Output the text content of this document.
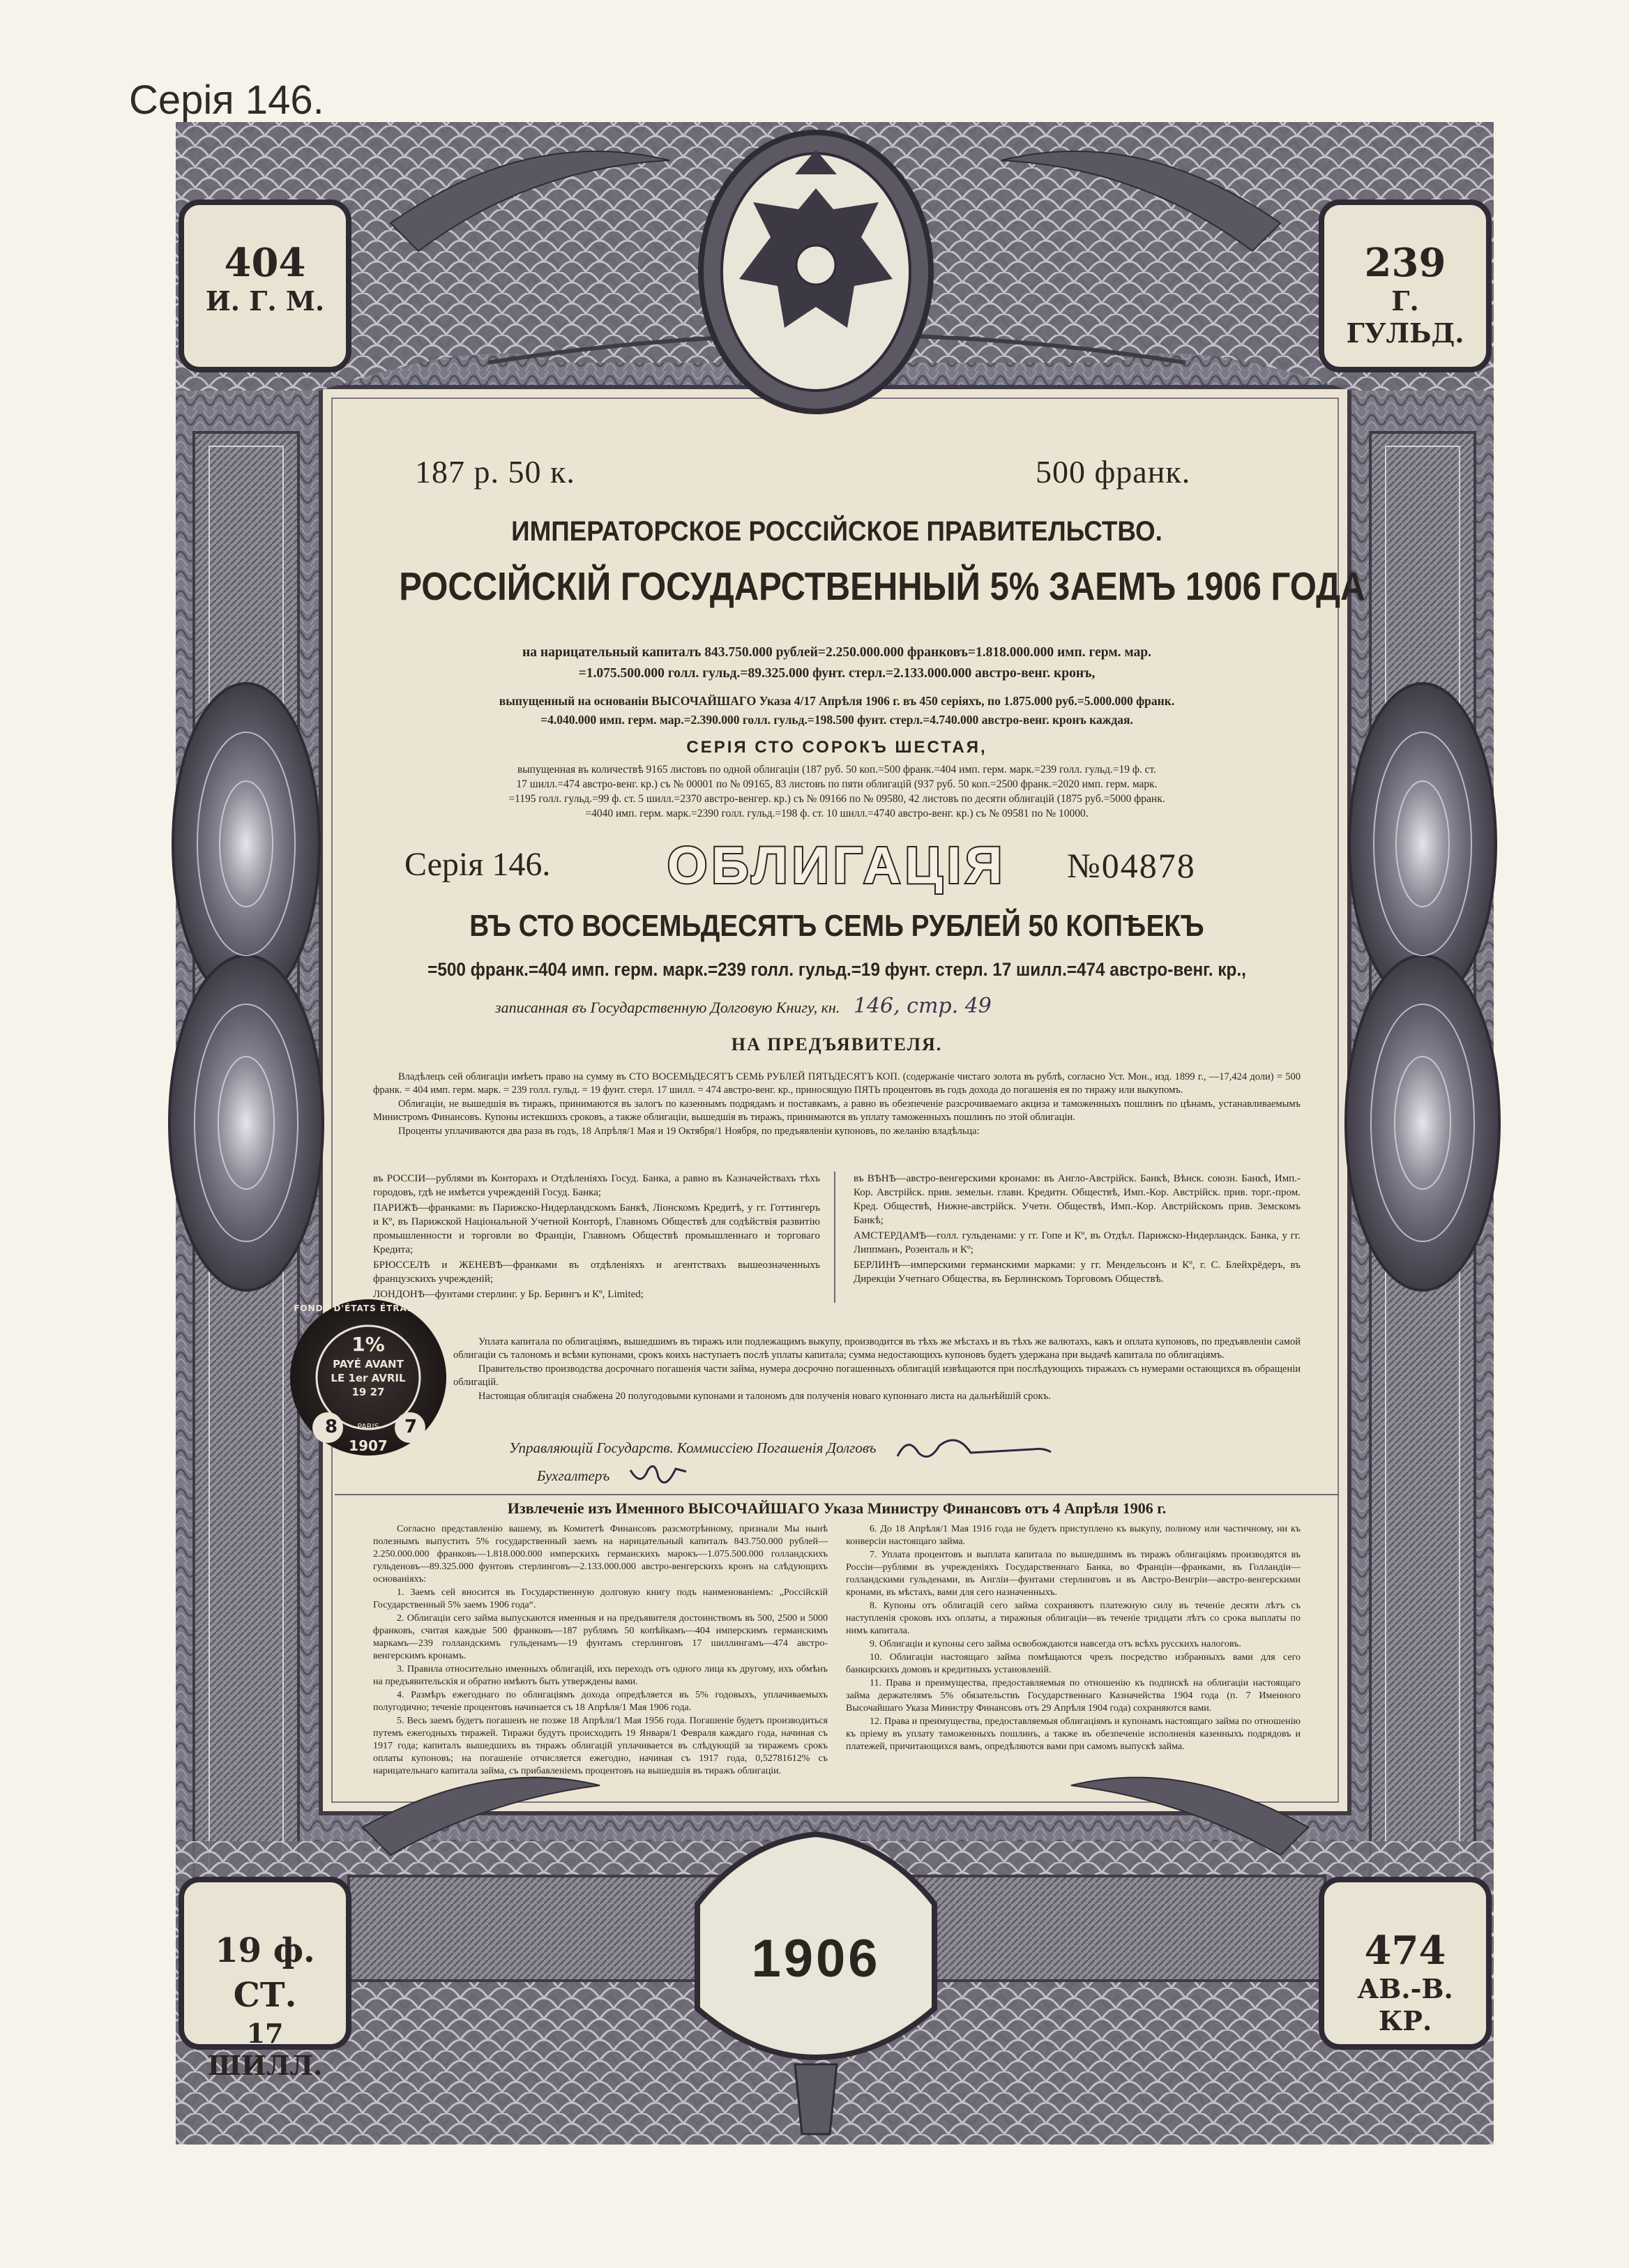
Серія 146.
404
И. Г. М.
239
Г. ГУЛЬД.
19 ф. СТ.
17 ШИЛЛ.
474
АВ.-В. КР.
187 р. 50 к.	500 франк.
ИМПЕРАТОРСКОЕ РОССІЙСКОЕ ПРАВИТЕЛЬСТВО.
РОССІЙСКІЙ ГОСУДАРСТВЕННЫЙ 5% ЗАЕМЪ 1906 ГОДА
на нарицательный капиталъ 843.750.000 рублей=2.250.000.000 франковъ=1.818.000.000 имп. герм. мар.
=1.075.500.000 голл. гульд.=89.325.000 фунт. стерл.=2.133.000.000 австро-венг. кронъ,
выпущенный на основаніи ВЫСОЧАЙШАГО Указа 4/17 Апрѣля 1906 г. въ 450 серіяхъ, по 1.875.000 руб.=5.000.000 франк.
=4.040.000 имп. герм. мар.=2.390.000 голл. гульд.=198.500 фунт. стерл.=4.740.000 австро-венг. кронъ каждая.
СЕРІЯ СТО СОРОКЪ ШЕСТАЯ,
выпущенная въ количествѣ 9165 листовъ по одной облигаціи (187 руб. 50 коп.=500 франк.=404 имп. герм. марк.=239 голл. гульд.=19 ф. ст.
17 шилл.=474 австро-венг. кр.) съ № 00001 по № 09165, 83 листовъ по пяти облигацій (937 руб. 50 коп.=2500 франк.=2020 имп. герм. марк.
=1195 голл. гульд.=99 ф. ст. 5 шилл.=2370 австро-венгер. кр.) съ № 09166 по № 09580, 42 листовъ по десяти облигацій (1875 руб.=5000 франк.
=4040 имп. герм. марк.=2390 голл. гульд.=198 ф. ст. 10 шилл.=4740 австро-венг. кр.) съ № 09581 по № 10000.
Серія 146.	ОБЛИГАЦІЯ	№04878
ВЪ СТО ВОСЕМЬДЕСЯТЪ СЕМЬ РУБЛЕЙ 50 КОПѢЕКЪ
=500 франк.=404 имп. герм. марк.=239 голл. гульд.=19 фунт. стерл. 17 шилл.=474 австро-венг. кр.,
записанная въ Государственную Долговую Книгу, кн. 146, стр. 49
НА ПРЕДЪЯВИТЕЛЯ.

Владѣлецъ сей облигаціи имѣетъ право на сумму въ СТО ВОСЕМЬДЕСЯТЪ СЕМЬ РУБЛЕЙ ПЯТЬДЕСЯТЪ КОП. (содержаніе чистаго золота въ рублѣ, согласно Уст. Мон., изд. 1899 г., —17,424 доли) = 500 франк. = 404 имп. герм. марк. = 239 голл. гульд. = 19 фунт. стерл. 17 шилл. = 474 австро-венг. кр., приносящую ПЯТЬ процентовъ въ годъ дохода до погашенія ея по тиражу или выкупомъ.

Облигаціи, не вышедшія въ тиражъ, принимаются въ залогъ по казеннымъ подрядамъ и поставкамъ, а равно въ обезпеченіе разсрочиваемаго акциза и таможенныхъ пошлинъ по цѣнамъ, устанавливаемымъ Министромъ Финансовъ. Купоны истекшихъ сроковъ, а также облигаціи, вышедшія въ тиражъ, принимаются въ уплату таможенныхъ пошлинъ по этой облигаціи.

Проценты уплачиваются два раза въ годъ, 18 Апрѣля/1 Мая и 19 Октября/1 Ноября, по предъявленіи купоновъ, по желанію владѣльца:

въ РОССІИ—рублями въ Конторахъ и Отдѣленіяхъ Госуд. Банка, а равно въ Казначействахъ тѣхъ городовъ, гдѣ не имѣется учрежденій Госуд. Банка;

ПАРИЖѢ—франками: въ Парижско-Нидерландскомъ Банкѣ, Ліонскомъ Кредитѣ, у гг. Готтингеръ и Кº, въ Парижской Національной Учетной Конторѣ, Главномъ Обществѣ для содѣйствія развитію промышленности и торговли во Франціи, Главномъ Обществѣ промышленнаго и торговаго Кредита;

БРЮССЕЛѢ и ЖЕНЕВѢ—франками въ отдѣленіяхъ и агентствахъ вышеозначенныхъ французскихъ учрежденій;

ЛОНДОНѢ—фунтами стерлинг. у Бр. Берингъ и Кº, Limited;

въ ВѢНѢ—австро-венгерскими кронами: въ Англо-Австрійск. Банкѣ, Вѣнск. союзн. Банкѣ, Имп.-Кор. Австрійск. прив. земельн. главн. Кредитн. Обществѣ, Имп.-Кор. Австрійск. прив. торг.-пром. Кред. Обществѣ, Нижне-австрійск. Учетн. Обществѣ, Имп.-Кор. Австрійскомъ прив. Земскомъ Банкѣ;

АМСТЕРДАМѢ—голл. гульденами: у гг. Гопе и Кº, въ Отдѣл. Парижско-Нидерландск. Банка, у гг. Липпманъ, Розенталь и Кº;

БЕРЛИНѢ—имперскими германскими марками: у гг. Мендельсонъ и Кº, г. С. Блейхрёдеръ, въ Дирекціи Учетнаго Общества, въ Берлинскомъ Торговомъ Обществѣ.

Уплата капитала по облигаціямъ, вышедшимъ въ тиражъ или подлежащимъ выкупу, производится въ тѣхъ же мѣстахъ и въ тѣхъ же валютахъ, какъ и оплата купоновъ, по предъявленіи самой облигаціи съ талономъ и всѣми купонами, срокъ коихъ наступаетъ послѣ уплаты капитала; сумма недостающихъ купоновъ будетъ удержана при выдачѣ капитала по облигаціямъ.

Правительство производства досрочнаго погашенія части займа, нумера досрочно погашенныхъ облигацій извѣщаются при послѣдующихъ тиражахъ съ нумерами остающихся въ обращеніи облигацій.

Настоящая облигація снабжена 20 полугодовыми купонами и талономъ для полученія новаго купоннаго листа на дальнѣйшій срокъ.

FONDS D'ÉTATS ÉTRANGERS
1%
PAYÉ AVANT
LE 1er AVRIL
19 27
8	PARIS	7
1907	Управляющій Государств. Коммиссіею Погашенія Долговъ
Бухгалтеръ
Извлеченіе изъ Именного ВЫСОЧАЙШАГО Указа Министру Финансовъ отъ 4 Апрѣля 1906 г.

Согласно представленію вашему, въ Комитетѣ Финансовъ разсмотрѣнному, признали Мы нынѣ полезнымъ выпустить 5% государственный заемъ на нарицательный капиталъ 843.750.000 рублей—2.250.000.000 франковъ—1.818.000.000 имперскихъ германскихъ марокъ—1.075.500.000 голландскихъ гульденовъ—89.325.000 фунтовъ стерлинговъ—2.133.000.000 австро-венгерскихъ кронъ на слѣдующихъ основаніяхъ:

1. Заемъ сей вносится въ Государственную долговую книгу подъ наименованіемъ: „Россійскій Государственный 5% заемъ 1906 года“.

2. Облигаціи сего займа выпускаются именныя и на предъявителя достоинствомъ въ 500, 2500 и 5000 франковъ, считая каждые 500 франковъ—187 рублямъ 50 копѣйкамъ—404 имперскимъ германскимъ маркамъ—239 голландскимъ гульденамъ—19 фунтамъ стерлинговъ 17 шиллингамъ—474 австро-венгерскимъ кронамъ.

3. Правила относительно именныхъ облигацій, ихъ переходъ отъ одного лица къ другому, ихъ обмѣнъ на предъявительскія и обратно имѣютъ быть утверждены вами.

4. Размѣръ ежегоднаго по облигаціямъ дохода опредѣляется въ 5% годовыхъ, уплачиваемыхъ полугодично; теченіе процентовъ начинается съ 18 Апрѣля/1 Мая 1906 года.

5. Весь заемъ будетъ погашенъ не позже 18 Апрѣля/1 Мая 1956 года. Погашеніе будетъ производиться путемъ ежегодныхъ тиражей. Тиражи будутъ происходить 19 Января/1 Февраля каждаго года, начиная съ 1917 года; капиталъ вышедшихъ въ тиражъ облигацій уплачивается въ слѣдующій за тиражемъ срокъ оплаты купоновъ; на погашеніе отчисляется ежегодно, начиная съ 1917 года, 0,52781612% съ нарицательнаго капитала займа, съ прибавленіемъ процентовъ на вышедшія въ тиражъ облигаціи.

6. До 18 Апрѣля/1 Мая 1916 года не будетъ приступлено къ выкупу, полному или частичному, ни къ конверсіи настоящаго займа.

7. Уплата процентовъ и выплата капитала по вышедшимъ въ тиражъ облигаціямъ производятся въ Россіи—рублями въ учрежденіяхъ Государственнаго Банка, во Франціи—франками, въ Голландіи—голландскими гульденами, въ Англіи—фунтами стерлинговъ и въ Австро-Венгріи—австро-венгерскими кронами, въ мѣстахъ, вами для сего назначенныхъ.

8. Купоны отъ облигацій сего займа сохраняютъ платежную силу въ теченіе десяти лѣтъ съ наступленія сроковъ ихъ оплаты, а тиражныя облигаціи—въ теченіе тридцати лѣтъ со срока выплаты по нимъ капитала.

9. Облигаціи и купоны сего займа освобождаются навсегда отъ всѣхъ русскихъ налоговъ.

10. Облигаціи настоящаго займа помѣщаются чрезъ посредство избранныхъ вами для сего банкирскихъ домовъ и кредитныхъ установленій.

11. Права и преимущества, предоставляемыя по отношенію къ подпискѣ на облигаціи настоящаго займа держателямъ 5% обязательствъ Государственнаго Казначейства 1904 года (п. 7 Именного Высочайшаго Указа Министру Финансовъ отъ 29 Апрѣля 1904 года) сохраняются вами.

12. Права и преимущества, предоставляемыя облигаціямъ и купонамъ настоящаго займа по отношенію къ пріему въ уплату таможенныхъ пошлинъ, а также въ обезпеченіе исполненія казенныхъ подрядовъ и платежей, причитающихся вамъ, опредѣляются вами при самомъ выпускѣ займа.

1906
